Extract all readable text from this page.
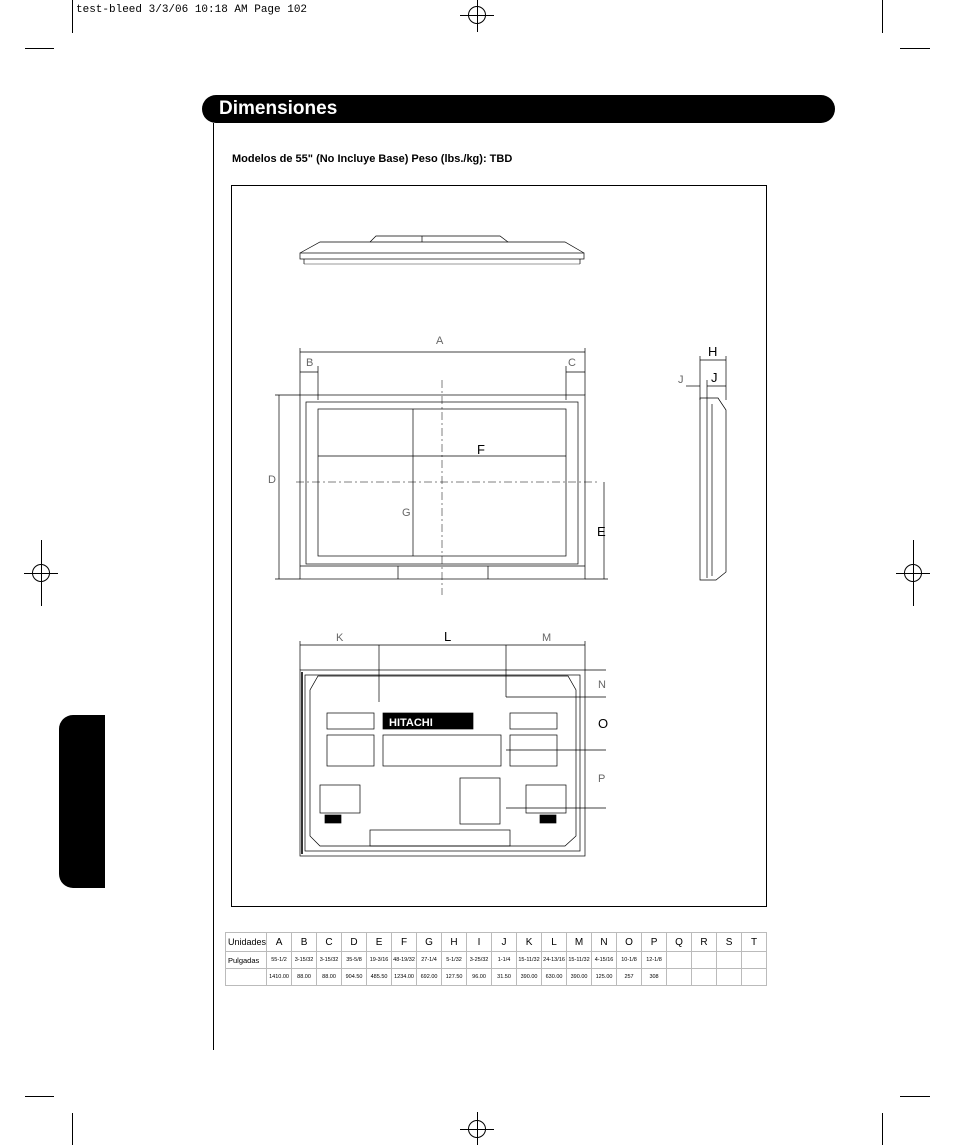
test-bleed 3/3/06 10:18 AM Page 102
Dimensiones
Modelos de 55" (No Incluye Base) Peso (lbs./kg): TBD
A
B	C
D
E
F
G
H
J J
K	L	M
N
O
P
HITACHI
Unidades	A	B	C	D	E	F	G	H	I	J	K	L	M	N	O	P	Q	R	S	T
Pulgadas	55-1/2	3-15/32	3-15/32	35-5/8	19-3/16	48-19/32	27-1/4	5-1/32	3-25/32	1-1/4	15-11/32	24-13/16	15-11/32	4-15/16	10-1/8	12-1/8				
	1410.00	88.00	88.00	904.50	485.50	1234.00	692.00	127.50	96.00	31.50	390.00	630.00	390.00	125.00	257	308				
